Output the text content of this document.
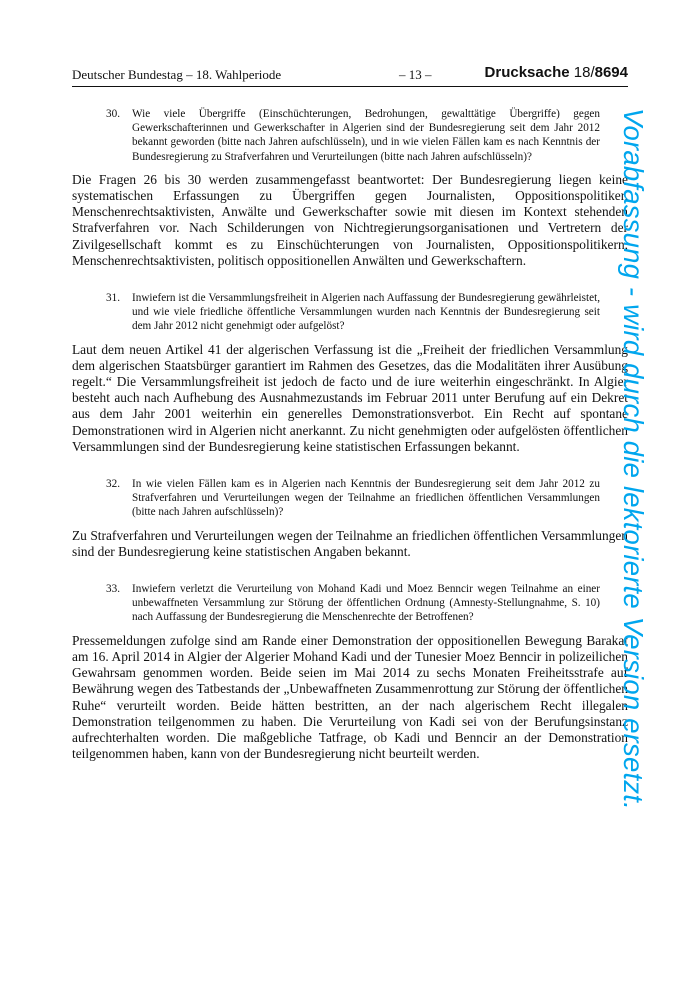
Deutscher Bundestag – 18. Wahlperiode	– 13 –	Drucksache 18/8694
30. Wie viele Übergriffe (Einschüchterungen, Bedrohungen, gewalttätige Übergriffe) gegen Gewerkschafterinnen und Gewerkschafter in Algerien sind der Bundesregierung seit dem Jahr 2012 bekannt geworden (bitte nach Jahren aufschlüsseln), und in wie vielen Fällen kam es nach Kenntnis der Bundesregierung zu Strafverfahren und Verurteilungen (bitte nach Jahren aufschlüsseln)?

Die Fragen 26 bis 30 werden zusammengefasst beantwortet: Der Bundesregierung liegen keine systematischen Erfassungen zu Übergriffen gegen Journalisten, Oppositionspolitiker, Menschenrechtsaktivisten, Anwälte und Gewerkschafter sowie mit diesen im Kontext stehenden Strafverfahren vor. Nach Schilderungen von Nichtregierungsorganisationen und Vertretern der Zivilgesellschaft kommt es zu Einschüchterungen von Journalisten, Oppositionspolitikern, Menschenrechtsaktivisten, politisch oppositionellen Anwälten und Gewerkschaftern.

31. Inwiefern ist die Versammlungsfreiheit in Algerien nach Auffassung der Bundesregierung gewährleistet, und wie viele friedliche öffentliche Versammlungen wurden nach Kenntnis der Bundesregierung seit dem Jahr 2012 nicht genehmigt oder aufgelöst?

Laut dem neuen Artikel 41 der algerischen Verfassung ist die „Freiheit der friedlichen Versammlung dem algerischen Staatsbürger garantiert im Rahmen des Gesetzes, das die Modalitäten ihrer Ausübung regelt.“ Die Versammlungsfreiheit ist jedoch de facto und de iure weiterhin eingeschränkt. In Algier besteht auch nach Aufhebung des Ausnahmezustands im Februar 2011 unter Berufung auf ein Dekret aus dem Jahr 2001 weiterhin ein generelles Demonstrationsverbot. Ein Recht auf spontane Demonstrationen wird in Algerien nicht anerkannt. Zu nicht genehmigten oder aufgelösten öffentlichen Versammlungen sind der Bundesregierung keine statistischen Erfassungen bekannt.

32. In wie vielen Fällen kam es in Algerien nach Kenntnis der Bundesregierung seit dem Jahr 2012 zu Strafverfahren und Verurteilungen wegen der Teilnahme an friedlichen öffentlichen Versammlungen (bitte nach Jahren aufschlüsseln)?

Zu Strafverfahren und Verurteilungen wegen der Teilnahme an friedlichen öffentlichen Versammlungen sind der Bundesregierung keine statistischen Angaben bekannt.

33. Inwiefern verletzt die Verurteilung von Mohand Kadi und Moez Benncir wegen Teilnahme an einer unbewaffneten Versammlung zur Störung der öffentlichen Ordnung (Amnesty-Stellungnahme, S. 10) nach Auffassung der Bundesregierung die Menschenrechte der Betroffenen?

Pressemeldungen zufolge sind am Rande einer Demonstration der oppositionellen Bewegung Barakat am 16. April 2014 in Algier der Algerier Mohand Kadi und der Tunesier Moez Benncir in polizeilichen Gewahrsam genommen worden. Beide seien im Mai 2014 zu sechs Monaten Freiheitsstrafe auf Bewährung wegen des Tatbestands der „Unbewaffneten Zusammenrottung zur Störung der öffentlichen Ruhe“ verurteilt worden. Beide hätten bestritten, an der nach algerischem Recht illegalen Demonstration teilgenommen zu haben. Die Verurteilung von Kadi sei von der Berufungsinstanz aufrechterhalten worden. Die maßgebliche Tatfrage, ob Kadi und Benncir an der Demonstration teilgenommen haben, kann von der Bundesregierung nicht beurteilt werden.	Vorabfassung - wird durch die lektorierte Version ersetzt.
